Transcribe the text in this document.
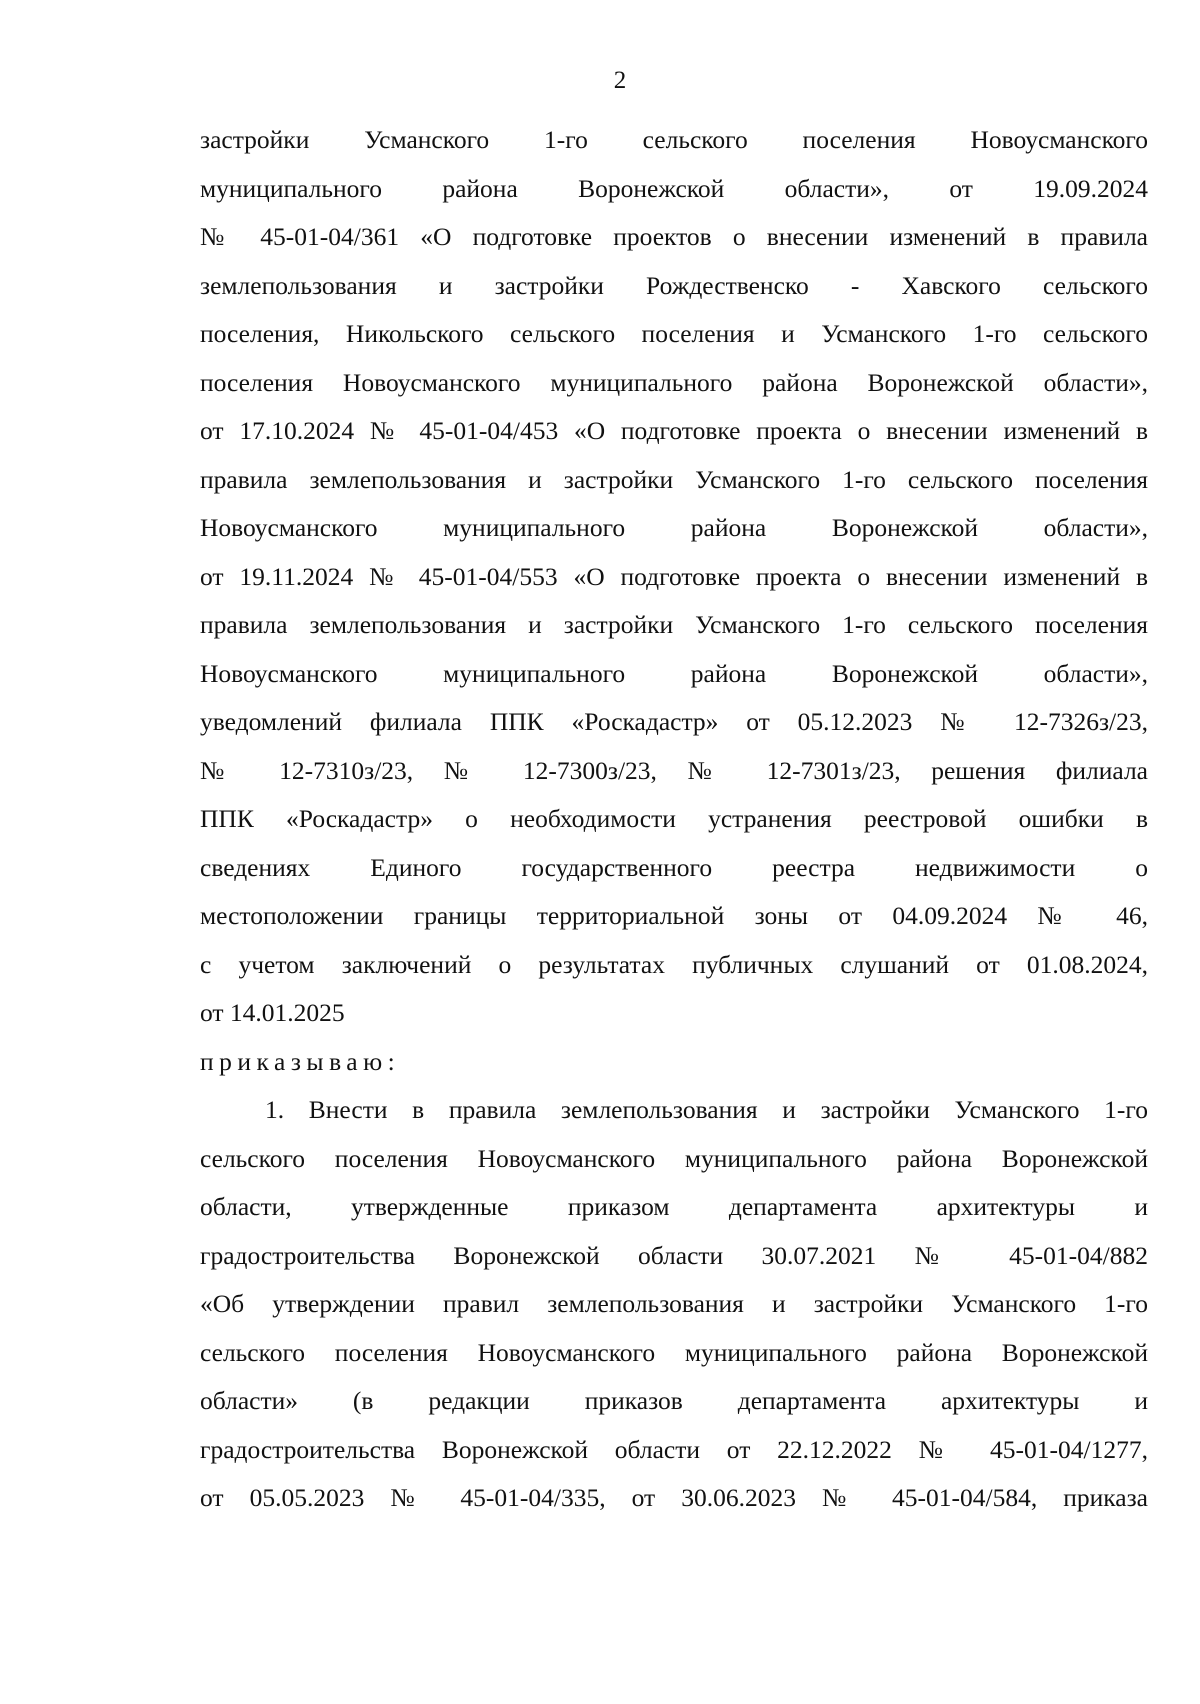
2
застройки Усманского 1-го сельского поселения Новоусманского
муниципального района Воронежской области», от 19.09.2024
№ 45-01-04/361 «О подготовке проектов о внесении изменений в правила
землепользования и застройки Рождественско - Хавского сельского
поселения, Никольского сельского поселения и Усманского 1-го сельского
поселения Новоусманского муниципального района Воронежской области»,
от 17.10.2024 № 45-01-04/453 «О подготовке проекта о внесении изменений в
правила землепользования и застройки Усманского 1-го сельского поселения
Новоусманского муниципального района Воронежской области»,
от 19.11.2024 № 45-01-04/553 «О подготовке проекта о внесении изменений в
правила землепользования и застройки Усманского 1-го сельского поселения
Новоусманского муниципального района Воронежской области»,
уведомлений филиала ППК «Роскадастр» от 05.12.2023 № 12-7326з/23,
№ 12-7310з/23, № 12-7300з/23, № 12-7301з/23, решения филиала
ППК «Роскадастр» о необходимости устранения реестровой ошибки в
сведениях Единого государственного реестра недвижимости о
местоположении границы территориальной зоны от 04.09.2024 № 46,
с учетом заключений о результатах публичных слушаний от 01.08.2024,
от 14.01.2025
приказываю:
1. Внести в правила землепользования и застройки Усманского 1-го
сельского поселения Новоусманского муниципального района Воронежской
области, утвержденные приказом департамента архитектуры и
градостроительства Воронежской области 30.07.2021 № 45-01-04/882
«Об утверждении правил землепользования и застройки Усманского 1-го
сельского поселения Новоусманского муниципального района Воронежской
области» (в редакции приказов департамента архитектуры и
градостроительства Воронежской области от 22.12.2022 № 45-01-04/1277,
от 05.05.2023 № 45-01-04/335, от 30.06.2023 № 45-01-04/584, приказа
